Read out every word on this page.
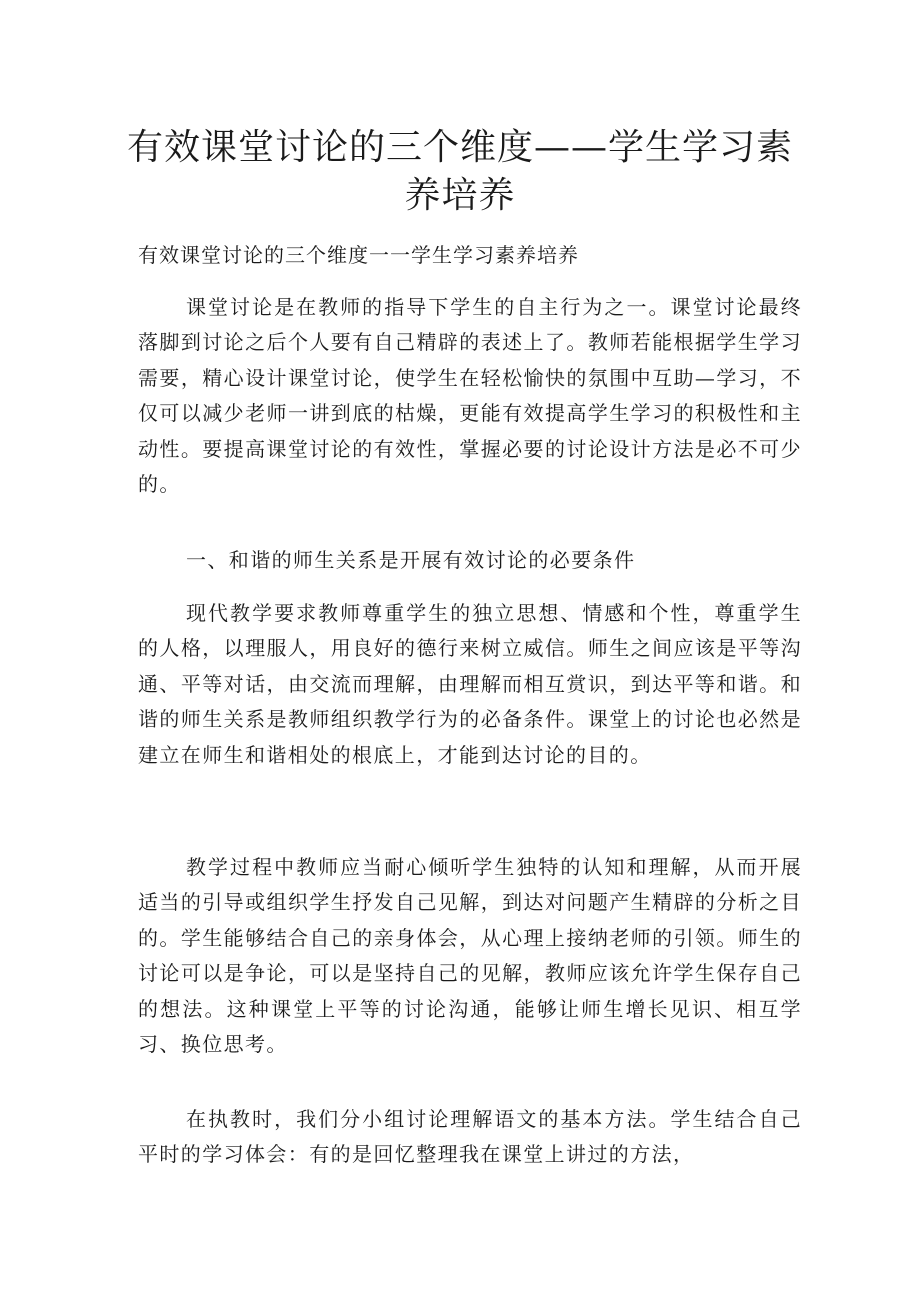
有效课堂讨论的三个维度——学生学习素养培养

有效课堂讨论的三个维度一一学生学习素养培养

课堂讨论是在教师的指导下学生的自主行为之一。课堂讨论最终落脚到讨论之后个人要有自己精辟的表述上了。教师若能根据学生学习需要，精心设计课堂讨论，使学生在轻松愉快的氛围中互助—学习，不仅可以减少老师一讲到底的枯燥，更能有效提高学生学习的积极性和主动性。要提高课堂讨论的有效性，掌握必要的讨论设计方法是必不可少的。

一、和谐的师生关系是开展有效讨论的必要条件

现代教学要求教师尊重学生的独立思想、情感和个性，尊重学生的人格，以理服人，用良好的德行来树立威信。师生之间应该是平等沟通、平等对话，由交流而理解，由理解而相互赏识，到达平等和谐。和谐的师生关系是教师组织教学行为的必备条件。课堂上的讨论也必然是建立在师生和谐相处的根底上，才能到达讨论的目的。

教学过程中教师应当耐心倾听学生独特的认知和理解，从而开展适当的引导或组织学生抒发自己见解，到达对问题产生精辟的分析之目的。学生能够结合自己的亲身体会，从心理上接纳老师的引领。师生的讨论可以是争论，可以是坚持自己的见解，教师应该允许学生保存自己的想法。这种课堂上平等的讨论沟通，能够让师生增长见识、相互学习、换位思考。

在执教时，我们分小组讨论理解语文的基本方法。学生结合自己平时的学习体会：有的是回忆整理我在课堂上讲过的方法，
